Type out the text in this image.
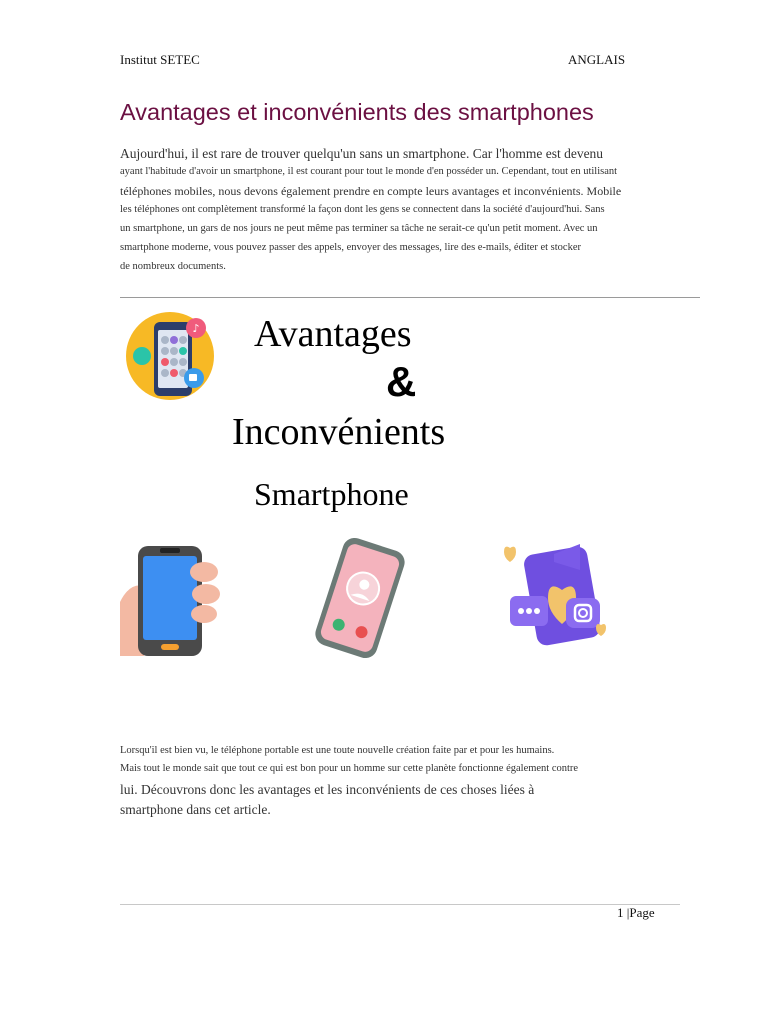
Institut SETEC	ANGLAIS
Avantages et inconvénients des smartphones
Aujourd'hui, il est rare de trouver quelqu'un sans un smartphone. Car l'homme est devenu
ayant l'habitude d'avoir un smartphone, il est courant pour tout le monde d'en posséder un. Cependant, tout en utilisant
téléphones mobiles, nous devons également prendre en compte leurs avantages et inconvénients. Mobile
les téléphones ont complètement transformé la façon dont les gens se connectent dans la société d'aujourd'hui. Sans
un smartphone, un gars de nos jours ne peut même pas terminer sa tâche ne serait-ce qu'un petit moment. Avec un
smartphone moderne, vous pouvez passer des appels, envoyer des messages, lire des e-mails, éditer et stocker
de nombreux documents.
♪ Avantages
&
Inconvénients
Smartphone
Lorsqu'il est bien vu, le téléphone portable est une toute nouvelle création faite par et pour les humains.
Mais tout le monde sait que tout ce qui est bon pour un homme sur cette planète fonctionne également contre
lui. Découvrons donc les avantages et les inconvénients de ces choses liées à
smartphone dans cet article.
1 |Page
